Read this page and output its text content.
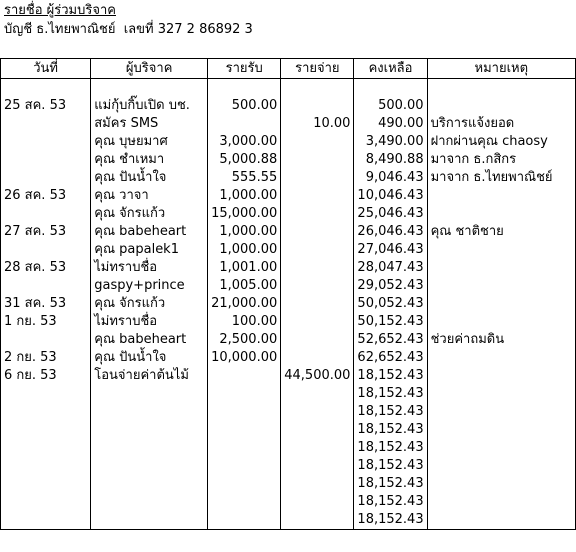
รายชื่อ ผู้ร่วมบริจาค
บัญชี ธ.ไทยพาณิชย์ เลขที่ 327 2 86892 3
วันที่	ผู้บริจาค	รายรับ	รายจ่าย	คงเหลือ	หมายเหตุ

25 สค. 53	แม่กุ้บกิ๊บเปิด บช.	500.00		500.00	
	สมัคร SMS		10.00	490.00	บริการแจ้งยอด
	คุณ บุษยมาศ	3,000.00		3,490.00	ฝากผ่านคุณ chaosy
	คุณ ชำเหมา	5,000.88		8,490.88	มาจาก ธ.กสิกร
	คุณ ปันน้ำใจ	555.55		9,046.43	มาจาก ธ.ไทยพาณิชย์
26 สค. 53	คุณ วาจา	1,000.00		10,046.43	
	คุณ จักรแก้ว	15,000.00		25,046.43	
27 สค. 53	คุณ babeheart	1,000.00		26,046.43	คุณ ชาติชาย
	คุณ papalek1	1,000.00		27,046.43	
28 สค. 53	ไม่ทราบชื่อ	1,001.00		28,047.43	
	gaspy+prince	1,005.00		29,052.43	
31 สค. 53	คุณ จักรแก้ว	21,000.00		50,052.43	
1 กย. 53	ไม่ทราบชื่อ	100.00		50,152.43	
	คุณ babeheart	2,500.00		52,652.43	ช่วยค่าถมดิน
2 กย. 53	คุณ ปันน้ำใจ	10,000.00		62,652.43	
6 กย. 53	โอนจ่ายค่าต้นไม้		44,500.00	18,152.43	
				18,152.43	
				18,152.43	
				18,152.43	
				18,152.43	
				18,152.43	
				18,152.43	
				18,152.43	
				18,152.43	
